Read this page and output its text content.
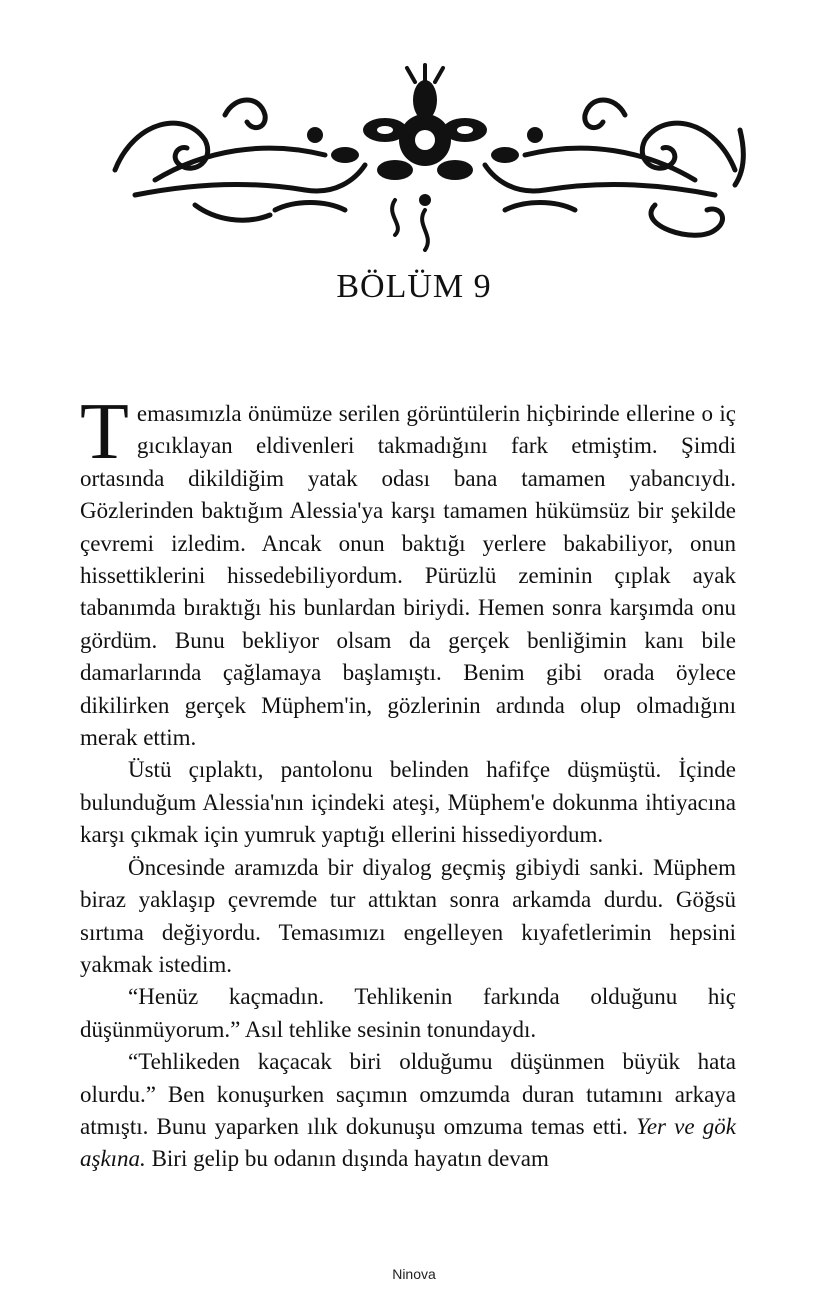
BÖLÜM 9

Temasımızla önümüze serilen görüntülerin hiçbirinde ellerine o iç gıcıklayan eldivenleri takmadığını fark etmiştim. Şimdi ortasında dikildiğim yatak odası bana tamamen yabancıydı. Gözlerinden baktığım Alessia'ya karşı tamamen hükümsüz bir şekilde çevremi izledim. Ancak onun baktığı yerlere bakabiliyor, onun hissettiklerini hissedebiliyordum. Pürüzlü zeminin çıplak ayak tabanımda bıraktığı his bunlardan biriydi. Hemen sonra karşımda onu gördüm. Bunu bekliyor olsam da gerçek benliğimin kanı bile damarlarında çağlamaya başlamıştı. Benim gibi orada öylece dikilirken gerçek Müphem'in, gözlerinin ardında olup olmadığını merak ettim.

Üstü çıplaktı, pantolonu belinden hafifçe düşmüştü. İçinde bulunduğum Alessia'nın içindeki ateşi, Müphem'e dokunma ihtiyacına karşı çıkmak için yumruk yaptığı ellerini hissediyordum.

Öncesinde aramızda bir diyalog geçmiş gibiydi sanki. Müphem biraz yaklaşıp çevremde tur attıktan sonra arkamda durdu. Göğsü sırtıma değiyordu. Temasımızı engelleyen kıyafetlerimin hepsini yakmak istedim.

“Henüz kaçmadın. Tehlikenin farkında olduğunu hiç düşünmüyorum.” Asıl tehlike sesinin tonundaydı.

“Tehlikeden kaçacak biri olduğumu düşünmen büyük hata olurdu.” Ben konuşurken saçımın omzumda duran tutamını arkaya atmıştı. Bunu yaparken ılık dokunuşu omzuma temas etti. Yer ve gök aşkına. Biri gelip bu odanın dışında hayatın devam

Ninova
